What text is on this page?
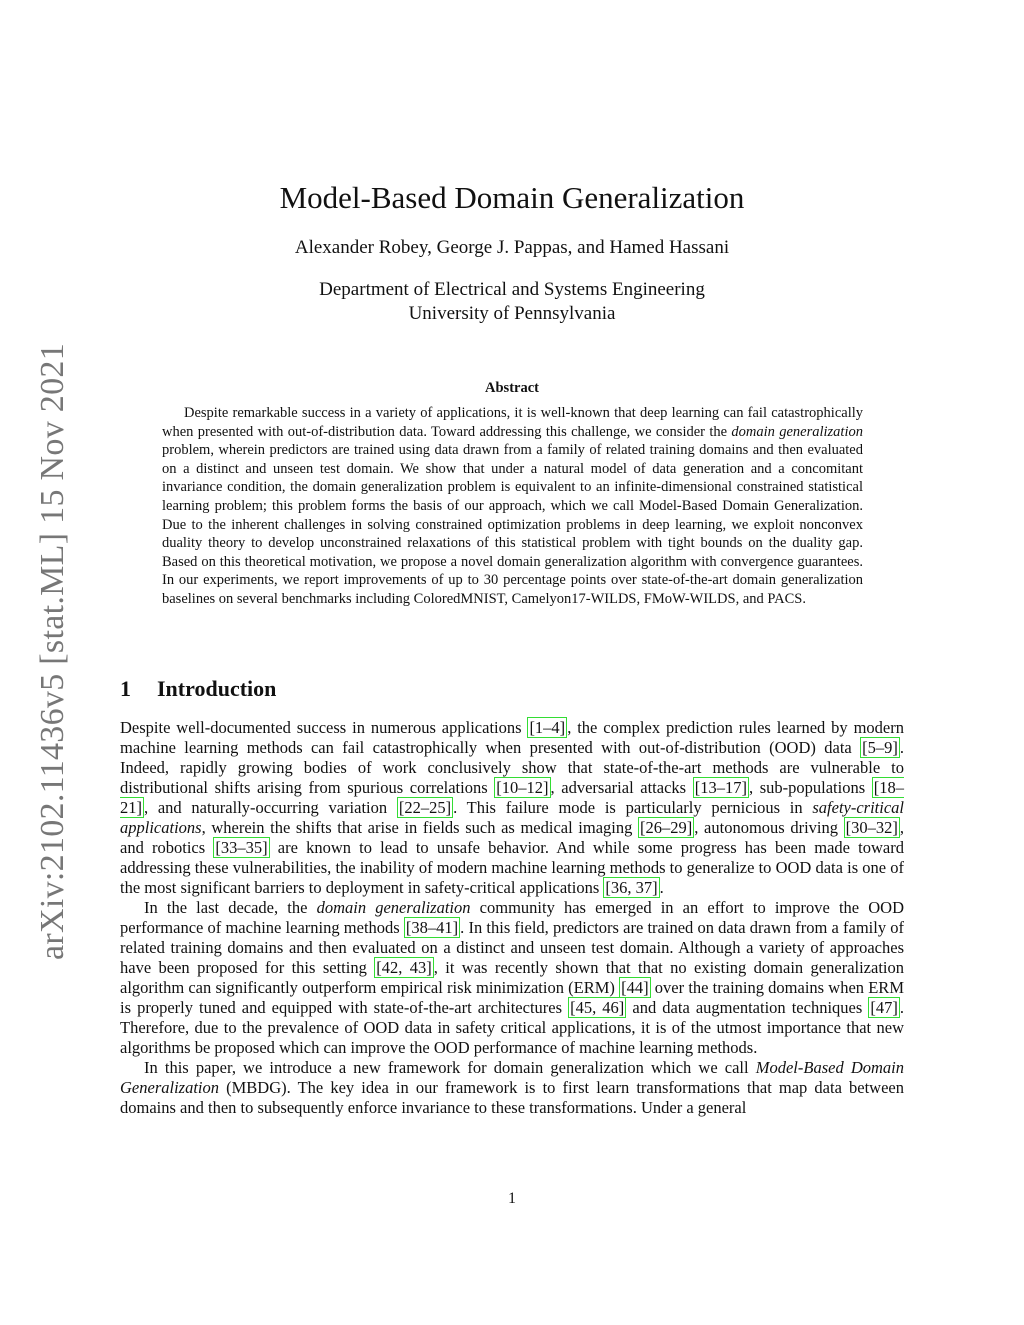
arXiv:2102.11436v5 [stat.ML] 15 Nov 2021
Model-Based Domain Generalization
Alexander Robey, George J. Pappas, and Hamed Hassani
Department of Electrical and Systems Engineering
University of Pennsylvania
Abstract

Despite remarkable success in a variety of applications, it is well-known that deep learning can fail catastrophically when presented with out-of-distribution data. Toward addressing this challenge, we consider the domain generalization problem, wherein predictors are trained using data drawn from a family of related training domains and then evaluated on a distinct and unseen test domain. We show that under a natural model of data generation and a concomitant invariance condition, the domain generalization problem is equivalent to an infinite-dimensional constrained statistical learning problem; this problem forms the basis of our approach, which we call Model-Based Domain Generalization. Due to the inherent challenges in solving constrained optimization problems in deep learning, we exploit nonconvex duality theory to develop unconstrained relaxations of this statistical problem with tight bounds on the duality gap. Based on this theoretical motivation, we propose a novel domain generalization algorithm with convergence guarantees. In our experiments, we report improvements of up to 30 percentage points over state-of-the-art domain generalization baselines on several benchmarks including ColoredMNIST, Camelyon17-WILDS, FMoW-WILDS, and PACS.

1 Introduction

Despite well-documented success in numerous applications [1–4] , the complex prediction rules learned by modern machine learning methods can fail catastrophically when presented with out-of-distribution (OOD) data [5–9] . Indeed, rapidly growing bodies of work conclusively show that state-of-the-art methods are vulnerable to distributional shifts arising from spurious correlations [10–12] , adversarial attacks [13–17] , sub-populations [18–21] , and naturally-occurring variation [22–25] . This failure mode is particularly pernicious in safety-critical applications, wherein the shifts that arise in fields such as medical imaging [26–29] , autonomous driving [30–32] , and robotics [33–35] are known to lead to unsafe behavior. And while some progress has been made toward addressing these vulnerabilities, the inability of modern machine learning methods to generalize to OOD data is one of the most significant barriers to deployment in safety-critical applications [36, 37] .

In the last decade, the domain generalization community has emerged in an effort to improve the OOD performance of machine learning methods [38–41] . In this field, predictors are trained on data drawn from a family of related training domains and then evaluated on a distinct and unseen test domain. Although a variety of approaches have been proposed for this setting [42, 43] , it was recently shown that that no existing domain generalization algorithm can significantly outperform empirical risk minimization (ERM) [44] over the training domains when ERM is properly tuned and equipped with state-of-the-art architectures [45, 46] and data augmentation techniques [47] . Therefore, due to the prevalence of OOD data in safety critical applications, it is of the utmost importance that new algorithms be proposed which can improve the OOD performance of machine learning methods.

In this paper, we introduce a new framework for domain generalization which we call Model-Based Domain Generalization (MBDG). The key idea in our framework is to first learn transformations that map data between domains and then to subsequently enforce invariance to these transformations. Under a general

1
